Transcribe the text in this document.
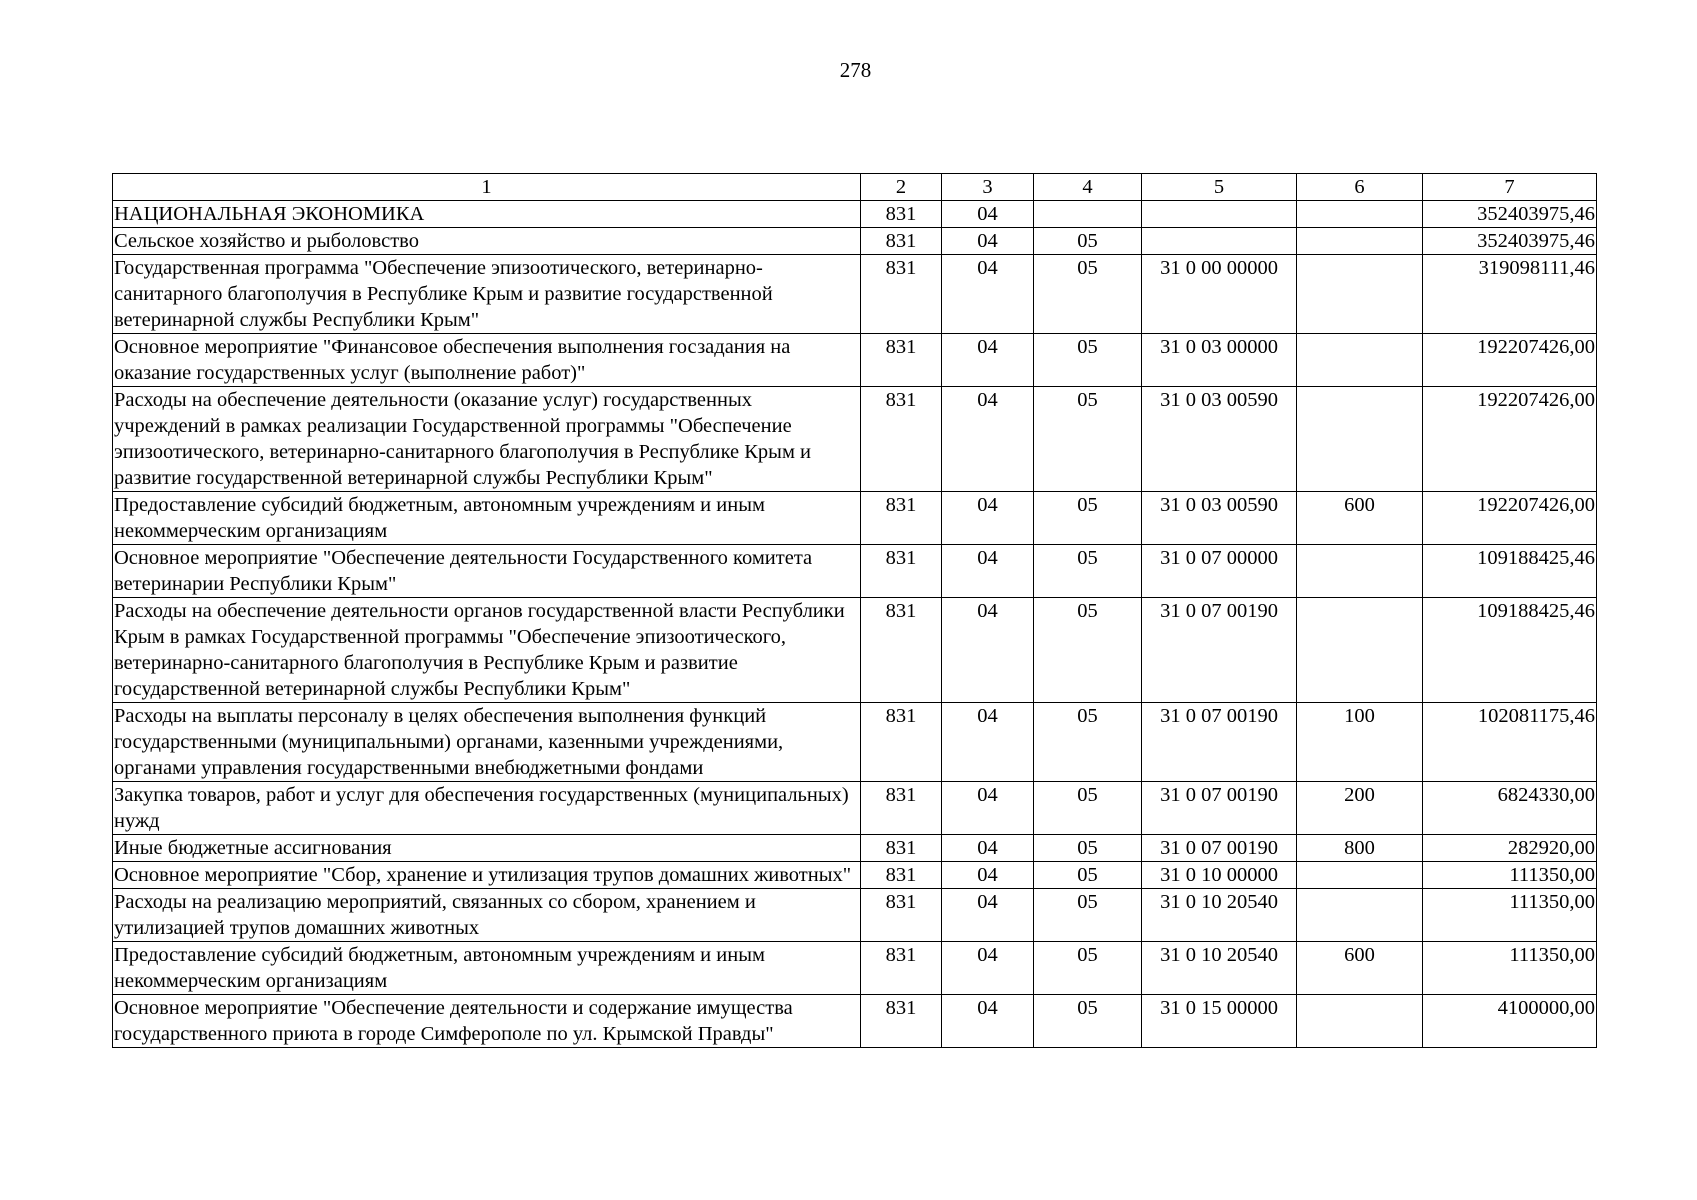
278
1	2	3	4	5	6	7
НАЦИОНАЛЬНАЯ ЭКОНОМИКА	831	04				352403975,46
Сельское хозяйство и рыболовство	831	04	05			352403975,46
Государственная программа "Обеспечение эпизоотического, ветеринарно-санитарного благополучия в Республике Крым и развитие государственной ветеринарной службы Республики Крым"	831	04	05	31 0 00 00000		319098111,46
Основное мероприятие "Финансовое обеспечения выполнения госзадания на оказание государственных услуг (выполнение работ)"	831	04	05	31 0 03 00000		192207426,00
Расходы на обеспечение деятельности (оказание услуг) государственных учреждений в рамках реализации Государственной программы "Обеспечение эпизоотического, ветеринарно-санитарного благополучия в Республике Крым и развитие государственной ветеринарной службы Республики Крым"	831	04	05	31 0 03 00590		192207426,00
Предоставление субсидий бюджетным, автономным учреждениям и иным некоммерческим организациям	831	04	05	31 0 03 00590	600	192207426,00
Основное мероприятие "Обеспечение деятельности Государственного комитета ветеринарии Республики Крым"	831	04	05	31 0 07 00000		109188425,46
Расходы на обеспечение деятельности органов государственной власти Республики Крым в рамках Государственной программы "Обеспечение эпизоотического, ветеринарно-санитарного благополучия в Республике Крым и развитие государственной ветеринарной службы Республики Крым"	831	04	05	31 0 07 00190		109188425,46
Расходы на выплаты персоналу в целях обеспечения выполнения функций государственными (муниципальными) органами, казенными учреждениями, органами управления государственными внебюджетными фондами	831	04	05	31 0 07 00190	100	102081175,46
Закупка товаров, работ и услуг для обеспечения государственных (муниципальных) нужд	831	04	05	31 0 07 00190	200	6824330,00
Иные бюджетные ассигнования	831	04	05	31 0 07 00190	800	282920,00
Основное мероприятие "Сбор, хранение и утилизация трупов домашних животных"	831	04	05	31 0 10 00000		111350,00
Расходы на реализацию мероприятий, связанных со сбором, хранением и утилизацией трупов домашних животных	831	04	05	31 0 10 20540		111350,00
Предоставление субсидий бюджетным, автономным учреждениям и иным некоммерческим организациям	831	04	05	31 0 10 20540	600	111350,00
Основное мероприятие "Обеспечение деятельности и содержание имущества государственного приюта в городе Симферополе по ул. Крымской Правды"	831	04	05	31 0 15 00000		4100000,00
